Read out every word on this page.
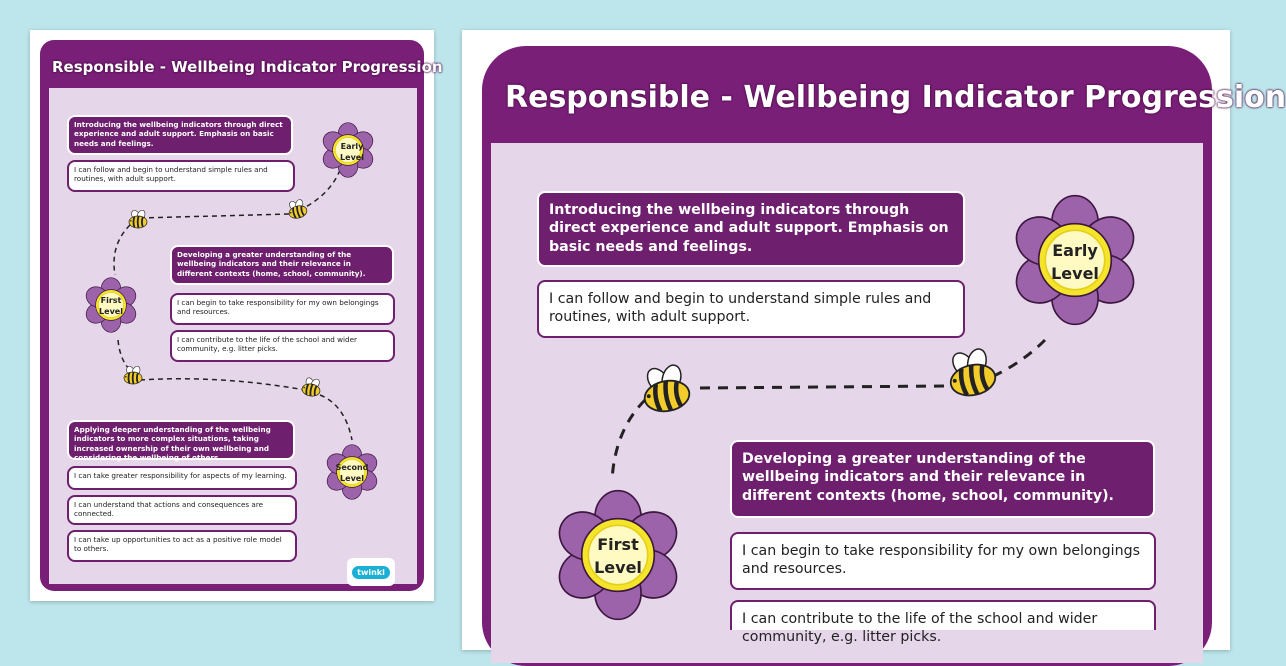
Responsible - Wellbeing Indicator Progression
Early
Level
First
Level
Second
Level
Early
Level
First
Level
Introducing the wellbeing indicators through direct experience and adult support. Emphasis on basic needs and feelings.
I can follow and begin to understand simple rules and routines, with adult support.
Developing a greater understanding of the wellbeing indicators and their relevance in different contexts (home, school, community).
I can begin to take responsibility for my own belongings and resources.
I can contribute to the life of the school and wider community, e.g. litter picks.
Applying deeper understanding of the wellbeing indicators to more complex situations, taking increased ownership of their own wellbeing and considering the wellbeing of others.
I can take greater responsibility for aspects of my learning.
I can understand that actions and consequences are connected.
I can take up opportunities to act as a positive role model to others.
twinkl
Responsible - Wellbeing Indicator Progression
Introducing the wellbeing indicators through direct experience and adult support. Emphasis on basic needs and feelings.
I can follow and begin to understand simple rules and routines, with adult support.
Developing a greater understanding of the wellbeing indicators and their relevance in different contexts (home, school, community).
I can begin to take responsibility for my own belongings and resources.
I can contribute to the life of the school and wider community, e.g. litter picks.
